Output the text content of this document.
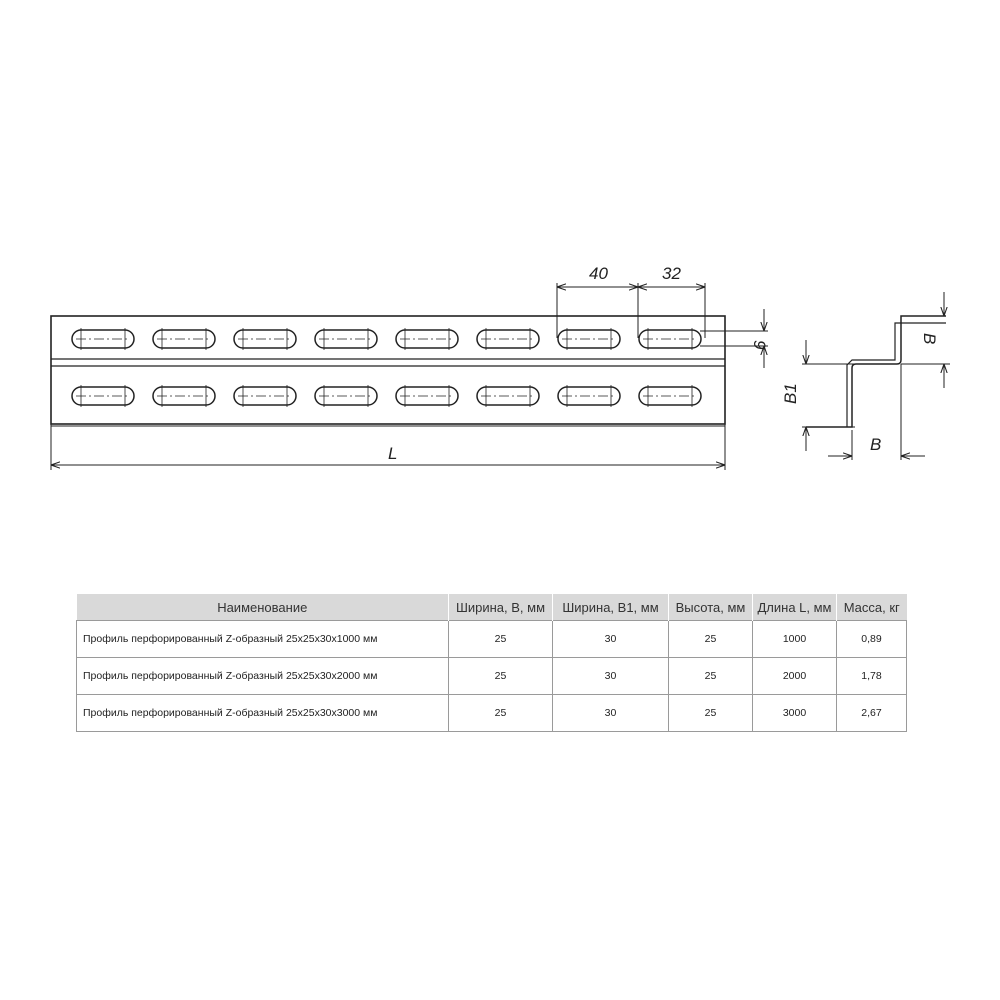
40	32
9
L
B
B1
B
Наименование	Ширина, В, мм	Ширина, В1, мм	Высота, мм	Длина L, мм	Масса, кг
Профиль перфорированный Z-образный 25х25х30х1000 мм	25	30	25	1000	0,89
Профиль перфорированный Z-образный 25х25х30х2000 мм	25	30	25	2000	1,78
Профиль перфорированный Z-образный 25х25х30х3000 мм	25	30	25	3000	2,67
